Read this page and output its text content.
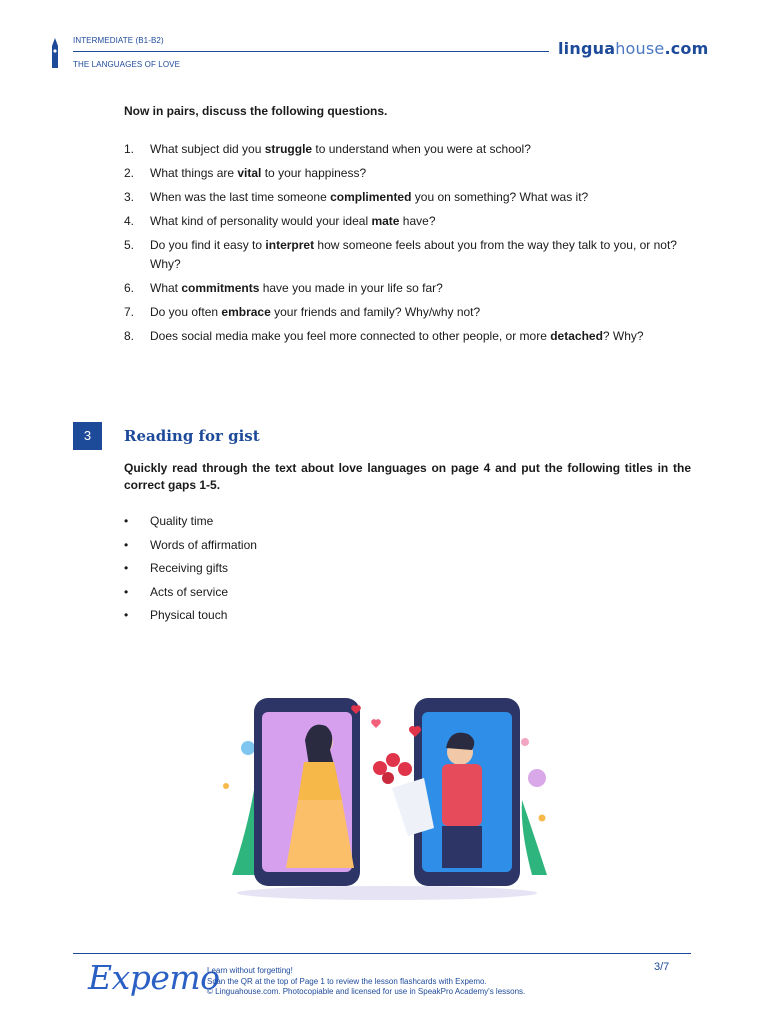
INTERMEDIATE (B1-B2)
THE LANGUAGES OF LOVE
linguahouse.com
Now in pairs, discuss the following questions.
1. What subject did you struggle to understand when you were at school?
2. What things are vital to your happiness?
3. When was the last time someone complimented you on something? What was it?
4. What kind of personality would your ideal mate have?
5. Do you find it easy to interpret how someone feels about you from the way they talk to you, or not? Why?
6. What commitments have you made in your life so far?
7. Do you often embrace your friends and family? Why/why not?
8. Does social media make you feel more connected to other people, or more detached? Why?
3	Reading for gist
Quickly read through the text about love languages on page 4 and put the following titles in the correct gaps 1-5.
• Quality time
• Words of affirmation
• Receiving gifts
• Acts of service
• Physical touch
Expemo
Learn without forgetting!
Scan the QR at the top of Page 1 to review the lesson flashcards with Expemo.
© Linguahouse.com. Photocopiable and licensed for use in SpeakPro Academy's lessons.
3/7
